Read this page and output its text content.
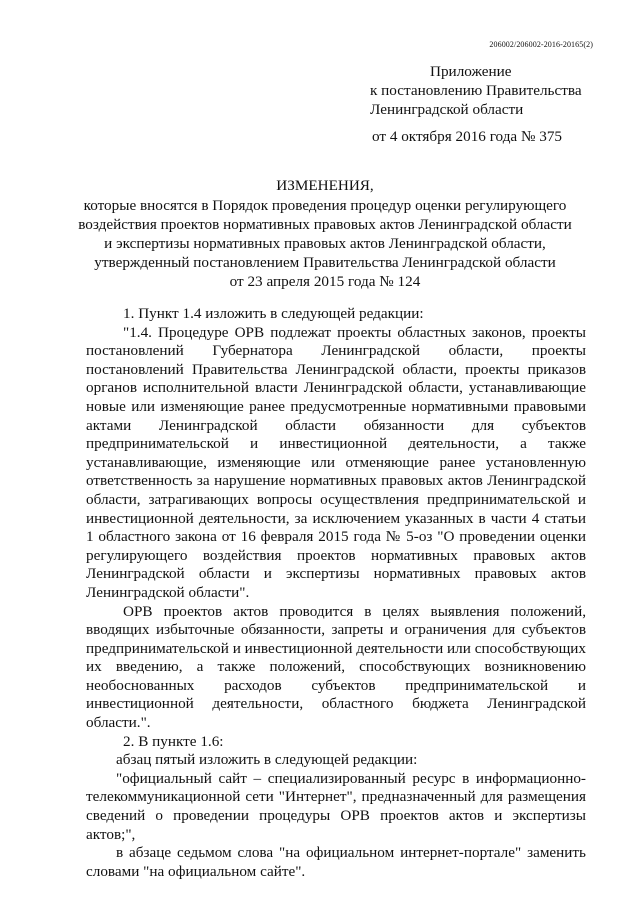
206002/206002-2016-20165(2)
Приложение
к постановлению Правительства
Ленинградской области
от 4 октября 2016 года № 375
ИЗМЕНЕНИЯ,
которые вносятся в Порядок проведения процедур оценки регулирующего
воздействия проектов нормативных правовых актов Ленинградской области
и экспертизы нормативных правовых актов Ленинградской области,
утвержденный постановлением Правительства Ленинградской области
от 23 апреля 2015 года № 124

1. Пункт 1.4 изложить в следующей редакции:

"1.4. Процедуре ОРВ подлежат проекты областных законов, проекты постановлений Губернатора Ленинградской области, проекты постановлений Правительства Ленинградской области, проекты приказов органов исполнительной власти Ленинградской области, устанавливающие новые или изменяющие ранее предусмотренные нормативными правовыми актами Ленинградской области обязанности для субъектов предпринимательской и инвестиционной деятельности, а также устанавливающие, изменяющие или отменяющие ранее установленную ответственность за нарушение нормативных правовых актов Ленинградской области, затрагивающих вопросы осуществления предпринимательской и инвестиционной деятельности, за исключением указанных в части 4 статьи 1 областного закона от 16 февраля 2015 года № 5-оз "О проведении оценки регулирующего воздействия проектов нормативных правовых актов Ленинградской области и экспертизы нормативных правовых актов Ленинградской области".

ОРВ проектов актов проводится в целях выявления положений, вводящих избыточные обязанности, запреты и ограничения для субъектов предпринимательской и инвестиционной деятельности или способствующих их введению, а также положений, способствующих возникновению необоснованных расходов субъектов предпринимательской и инвестиционной деятельности, областного бюджета Ленинградской области.".

2. В пункте 1.6:

абзац пятый изложить в следующей редакции:

"официальный сайт – специализированный ресурс в информационно-телекоммуникационной сети "Интернет", предназначенный для размещения сведений о проведении процедуры ОРВ проектов актов и экспертизы актов;",

в абзаце седьмом слова "на официальном интернет-портале" заменить словами "на официальном сайте".
